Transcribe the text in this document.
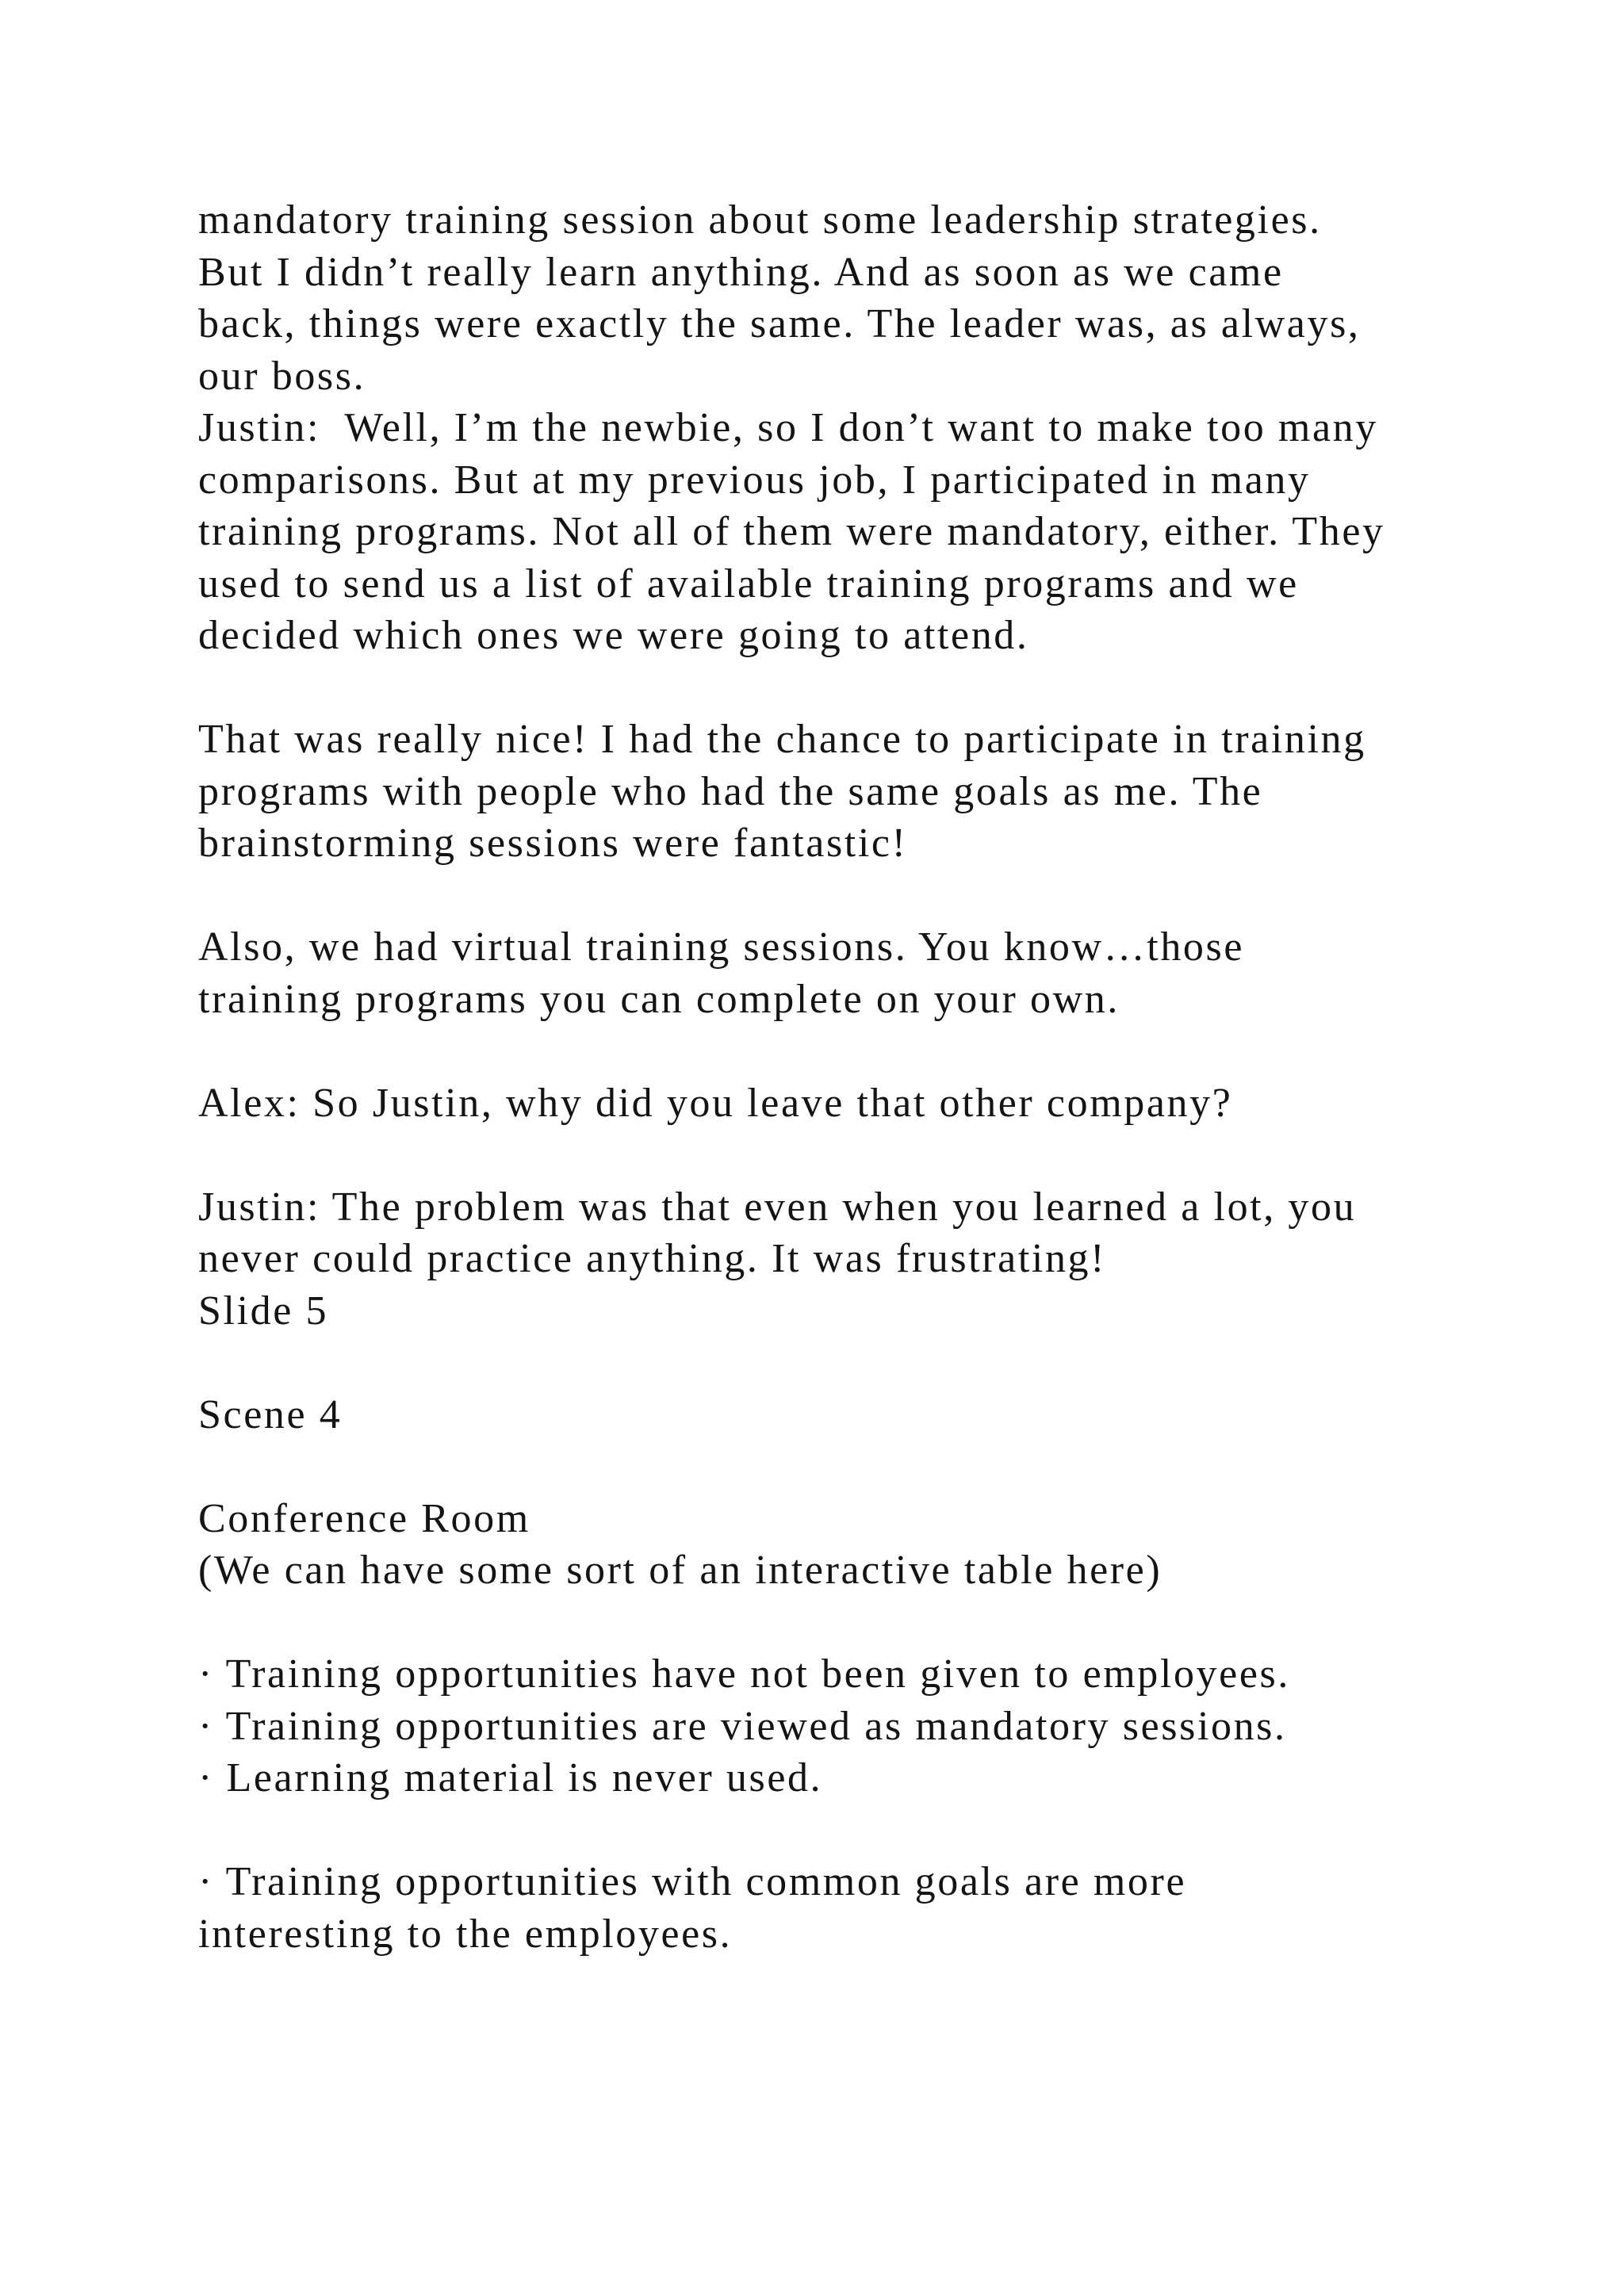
mandatory training session about some leadership strategies.
But I didn’t really learn anything. And as soon as we came
back, things were exactly the same. The leader was, as always,
our boss.
Justin:  Well, I’m the newbie, so I don’t want to make too many
comparisons. But at my previous job, I participated in many
training programs. Not all of them were mandatory, either. They
used to send us a list of available training programs and we
decided which ones we were going to attend.
That was really nice! I had the chance to participate in training
programs with people who had the same goals as me. The
brainstorming sessions were fantastic!
Also, we had virtual training sessions. You know…those
training programs you can complete on your own.
Alex: So Justin, why did you leave that other company?
Justin: The problem was that even when you learned a lot, you
never could practice anything. It was frustrating!
Slide 5
Scene 4
Conference Room
(We can have some sort of an interactive table here)
· Training opportunities have not been given to employees.
· Training opportunities are viewed as mandatory sessions.
· Learning material is never used.
· Training opportunities with common goals are more
interesting to the employees.
